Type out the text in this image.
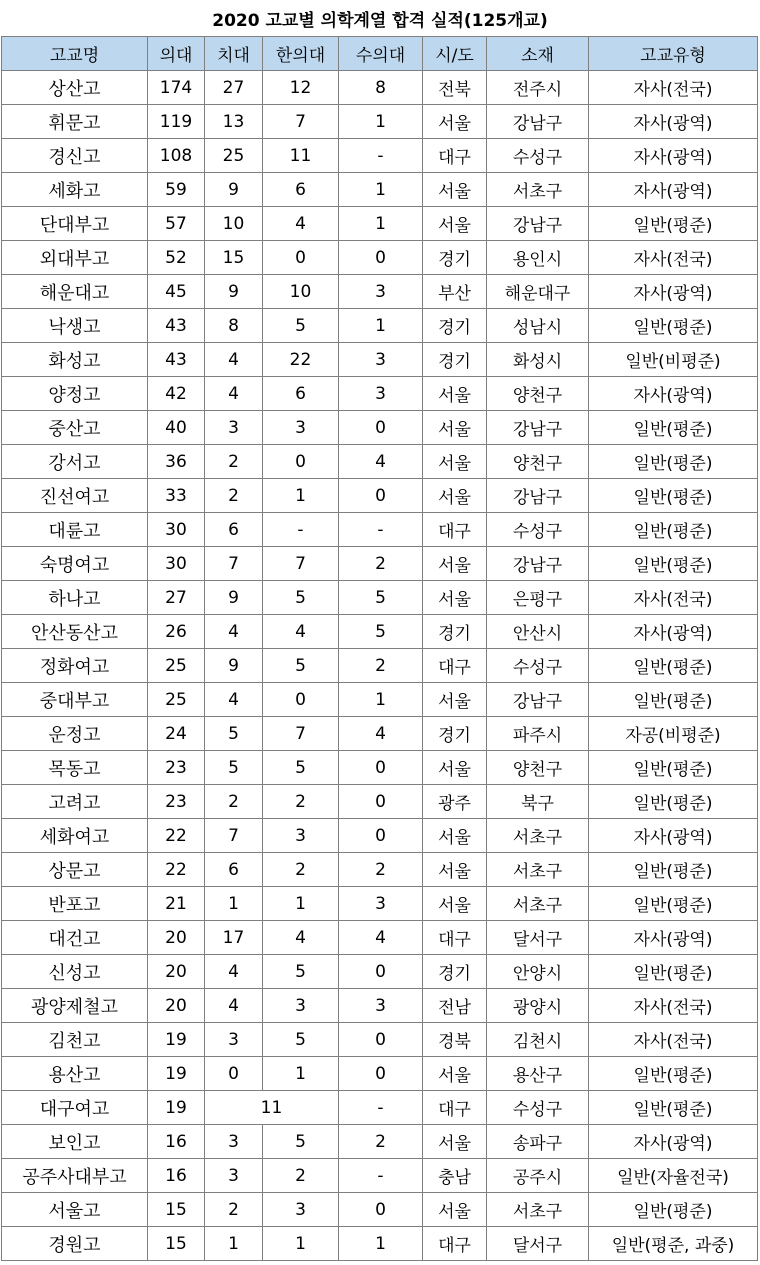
2020 고교별 의학계열 합격 실적(125개교)
고교명	의대	치대	한의대	수의대	시/도	소재	고교유형
상산고	174	27	12	8	전북	전주시	자사(전국)
휘문고	119	13	7	1	서울	강남구	자사(광역)
경신고	108	25	11	-	대구	수성구	자사(광역)
세화고	59	9	6	1	서울	서초구	자사(광역)
단대부고	57	10	4	1	서울	강남구	일반(평준)
외대부고	52	15	0	0	경기	용인시	자사(전국)
해운대고	45	9	10	3	부산	해운대구	자사(광역)
낙생고	43	8	5	1	경기	성남시	일반(평준)
화성고	43	4	22	3	경기	화성시	일반(비평준)
양정고	42	4	6	3	서울	양천구	자사(광역)
중산고	40	3	3	0	서울	강남구	일반(평준)
강서고	36	2	0	4	서울	양천구	일반(평준)
진선여고	33	2	1	0	서울	강남구	일반(평준)
대륜고	30	6	-	-	대구	수성구	일반(평준)
숙명여고	30	7	7	2	서울	강남구	일반(평준)
하나고	27	9	5	5	서울	은평구	자사(전국)
안산동산고	26	4	4	5	경기	안산시	자사(광역)
정화여고	25	9	5	2	대구	수성구	일반(평준)
중대부고	25	4	0	1	서울	강남구	일반(평준)
운정고	24	5	7	4	경기	파주시	자공(비평준)
목동고	23	5	5	0	서울	양천구	일반(평준)
고려고	23	2	2	0	광주	북구	일반(평준)
세화여고	22	7	3	0	서울	서초구	자사(광역)
상문고	22	6	2	2	서울	서초구	일반(평준)
반포고	21	1	1	3	서울	서초구	일반(평준)
대건고	20	17	4	4	대구	달서구	자사(광역)
신성고	20	4	5	0	경기	안양시	일반(평준)
광양제철고	20	4	3	3	전남	광양시	자사(전국)
김천고	19	3	5	0	경북	김천시	자사(전국)
용산고	19	0	1	0	서울	용산구	일반(평준)
대구여고	19	11		-	대구	수성구	일반(평준)
보인고	16	3	5	2	서울	송파구	자사(광역)
공주사대부고	16	3	2	-	충남	공주시	일반(자율전국)
서울고	15	2	3	0	서울	서초구	일반(평준)
경원고	15	1	1	1	대구	달서구	일반(평준, 과중)
